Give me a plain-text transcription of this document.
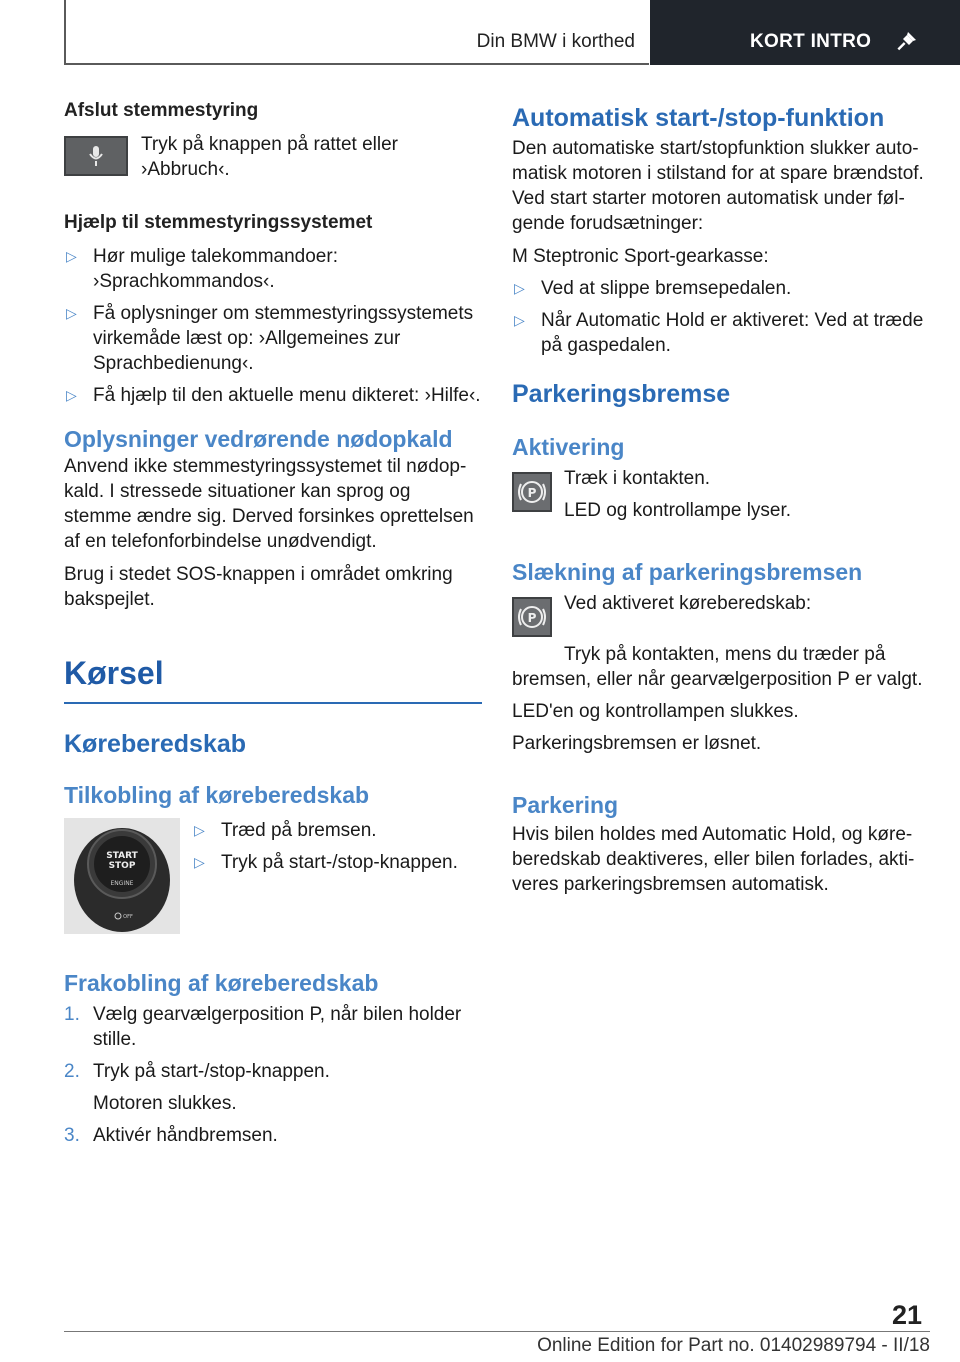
Din BMW i korthed	KORT INTRO
Afslut stemmestyring

Tryk på knappen på rattet eller ›Abbruch‹.

Hjælp til stemmestyringssystemet
▷ Hør mulige talekommandoer: ›Sprachkommandos‹.
▷ Få oplysninger om stemmestyringssystemets virkemåde læst op: ›Allgemeines zur Sprachbedienung‹.
▷ Få hjælp til den aktuelle menu dikteret: ›Hilfe‹.
Oplysninger vedrørende nødopkald

Anvend ikke stemmestyringssystemet til nødop-kald. I stressede situationer kan sprog og stemme ændre sig. Derved forsinkes oprettelsen af en telefonforbindelse unødvendigt.

Brug i stedet SOS-knappen i området omkring bakspejlet.

Kørsel
Køreberedskab
Tilkobling af køreberedskab
START
STOP
ENGINE
OFF
▷ Træd på bremsen.
▷ Tryk på start-/stop-knappen.
Frakobling af køreberedskab
1. Vælg gearvælgerposition P, når bilen holder stille.
2. Tryk på start-/stop-knappen.
Motoren slukkes.
3. Aktivér håndbremsen.
Automatisk start-/stop-funktion

Den automatiske start/stopfunktion slukker auto-matisk motoren i stilstand for at spare brændstof. Ved start starter motoren automatisk under føl-gende forudsætninger:

M Steptronic Sport-gearkasse:

▷ Ved at slippe bremsepedalen.
▷ Når Automatic Hold er aktiveret: Ved at træde på gaspedalen.
Parkeringsbremse
Aktivering
P

Træk i kontakten.

LED og kontrollampe lyser.

Slækning af parkeringsbremsen
P

Ved aktiveret køreberedskab:

Tryk på kontakten, mens du træder på bremsen, eller når gearvælgerposition P er valgt.

LED'en og kontrollampen slukkes.

Parkeringsbremsen er løsnet.

Parkering

Hvis bilen holdes med Automatic Hold, og køre-beredskab deaktiveres, eller bilen forlades, akti-veres parkeringsbremsen automatisk.

21
Online Edition for Part no. 01402989794 - II/18
